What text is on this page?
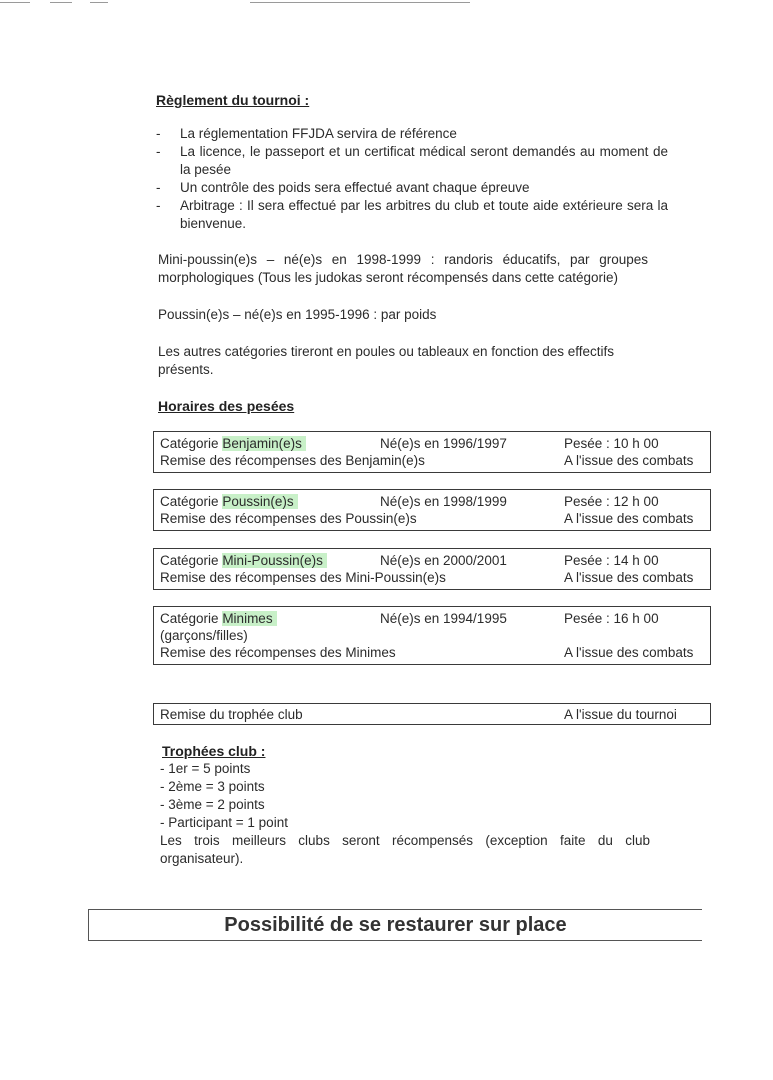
Règlement du tournoi :
- La réglementation FFJDA servira de référence
- La licence, le passeport et un certificat médical seront demandés au moment de la pesée
- Un contrôle des poids sera effectué avant chaque épreuve
- Arbitrage : Il sera effectué par les arbitres du club et toute aide extérieure sera la bienvenue.

Mini-poussin(e)s – né(e)s en 1998-1999 : randoris éducatifs, par groupes morphologiques (Tous les judokas seront récompensés dans cette catégorie)

Poussin(e)s – né(e)s en 1995-1996 : par poids

Les autres catégories tireront en poules ou tableaux en fonction des effectifs présents.

Horaires des pesées
Catégorie Benjamin(e)s	Né(e)s en 1996/1997	Pesée : 10 h 00
Remise des récompenses des Benjamin(e)s	A l'issue des combats
Catégorie Poussin(e)s	Né(e)s en 1998/1999	Pesée : 12 h 00
Remise des récompenses des Poussin(e)s	A l'issue des combats
Catégorie Mini-Poussin(e)s	Né(e)s en 2000/2001	Pesée : 14 h 00
Remise des récompenses des Mini-Poussin(e)s	A l'issue des combats
Catégorie Minimes	Né(e)s en 1994/1995	Pesée : 16 h 00
(garçons/filles)
Remise des récompenses des Minimes	A l'issue des combats
Remise du trophée club	A l'issue du tournoi
Trophées club :
- 1er = 5 points
- 2ème = 3 points
- 3ème = 2 points
- Participant = 1 point
Les trois meilleurs clubs seront récompensés (exception faite du club organisateur).
Possibilité de se restaurer sur place
